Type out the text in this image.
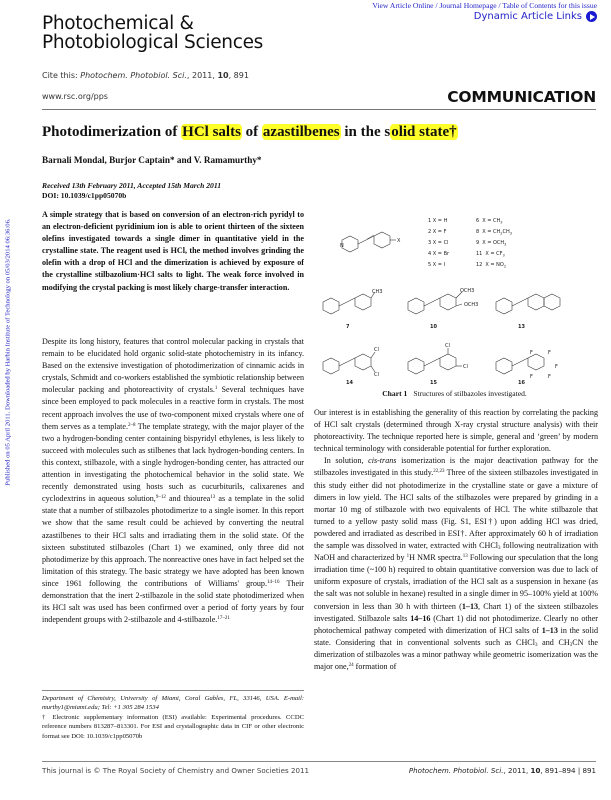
View Article Online / Journal Homepage / Table of Contents for this issue
Dynamic Article Links
Photochemical &
Photobiological Sciences
Cite this: Photochem. Photobiol. Sci., 2011, 10, 891
www.rsc.org/pps	COMMUNICATION
Published on 05 April 2011. Downloaded by Harbin Institute of Technology on 05/03/2014 06:36:06.
Photodimerization of HCl salts of azastilbenes in the solid state†
Barnali Mondal, Burjor Captain* and V. Ramamurthy*
Received 13th February 2011, Accepted 15th March 2011
DOI: 10.1039/c1pp05070b
A simple strategy that is based on conversion of an electron-rich pyridyl to an electron-deficient pyridinium ion is able to orient thirteen of the sixteen olefins investigated towards a single dimer in quantitative yield in the crystalline state. The reagent used is HCl, the method involves grinding the olefin with a drop of HCl and the dimerization is achieved by exposure of the crystalline stilbazolium·HCl salts to light. The weak force involved in modifying the crystal packing is most likely charge-transfer interaction.

Despite its long history, features that control molecular packing in crystals that remain to be elucidated hold organic solid-state photochemistry in its infancy. Based on the extensive investigation of photodimerization of cinnamic acids in crystals, Schmidt and co-workers established the symbiotic relationship between molecular packing and photoreactivity of crystals.$^1$ Several techniques have since been employed to pack molecules in a reactive form in crystals. The most recent approach involves the use of two-component mixed crystals where one of them serves as a template.$^{2-8}$ The template strategy, with the major player of the two a hydrogen-bonding center containing bispyridyl ethylenes, is less likely to succeed with molecules such as stilbenes that lack hydrogen-bonding centers. In this context, stilbazole, with a single hydrogen-bonding center, has attracted our attention in investigating the photochemical behavior in the solid state. We recently demonstrated using hosts such as cucurbiturils, calixarenes and cyclodextrins in aqueous solution,$^{9-12}$ and thiourea$^{13}$ as a template in the solid state that a number of stilbazoles photodimerize to a single isomer. In this report we show that the same result could be achieved by converting the neutral azastilbenes to their HCl salts and irradiating them in the solid state. Of the sixteen substituted stilbazoles (Chart 1) we examined, only three did not photodimerize by this approach. The nonreactive ones have in fact helped set the limitation of this strategy. The basic strategy we have adopted has been known since 1961 following the contributions of Williams' group.$^{14-16}$ Their demonstration that the inert 2-stilbazole in the solid state photodimerized when its HCl salt was used has been confirmed over a period of forty years by four independent groups with 2-stilbazole and 4-stilbazole.$^{17-21}$

Department of Chemistry, University of Miami, Coral Gables, FL, 33146, USA. E-mail: murthy1@miami.edu; Tel: +1 305 284 1534
† Electronic supplementary information (ESI) available: Experimental procedures. CCDC reference numbers 813287–813301. For ESI and crystallographic data in CIF or other electronic format see DOI: 10.1039/c1pp05070b
N
X
CH3	OCH3
OCH3
Cl
Cl
Cl
Cl
F
F
F
F
F
1 X = H
2 X = F
3 X = Cl
4 X = Br
5 X = I
6 $X = CH_3$
8 $X = CH_2CH_3$
9 $X = OCH_3$
11 $X = CF_3$
12 $X = NO_2$
7	10	13
14	15	16
Chart 1 Structures of stilbazoles investigated.

Our interest is in establishing the generality of this reaction by correlating the packing of HCl salt crystals (determined through X-ray crystal structure analysis) with their photoreactivity. The technique reported here is simple, general and ‘green’ by modern technical terminology with considerable potential for further exploration.

In solution, cis-trans isomerization is the major deactivation pathway for the stilbazoles investigated in this study.$^{22,23}$ Three of the sixteen stilbazoles investigated in this study either did not photodimerize in the crystalline state or gave a mixture of dimers in low yield. The HCl salts of the stilbazoles were prepared by grinding in a mortar 10 mg of stilbazole with two equivalents of HCl. The white stilbazole that turned to a yellow pasty solid mass (Fig. S1, ESI†) upon adding HCl was dried, powdered and irradiated as described in ESI†. After approximately 60 h of irradiation the sample was dissolved in water, extracted with CHCl$_3$ following neutralization with NaOH and characterized by $^1$H NMR spectra.$^{13}$ Following our speculation that the long irradiation time (~100 h) required to obtain quantitative conversion was due to lack of uniform exposure of crystals, irradiation of the HCl salt as a suspension in hexane (as the salt was not soluble in hexane) resulted in a single dimer in 95–100% yield at 100% conversion in less than 30 h with thirteen (1–13, Chart 1) of the sixteen stilbazoles investigated. Stilbazole salts 14–16 (Chart 1) did not photodimerize. Clearly no other photochemical pathway competed with dimerization of HCl salts of 1–13 in the solid state. Considering that in conventional solvents such as CHCl$_3$ and $CH_3CN$ the dimerization of stilbazoles was a minor pathway while geometric isomerization was the major one,$^{24}$ formation of

This journal is © The Royal Society of Chemistry and Owner Societies 2011	Photochem. Photobiol. Sci., 2011, 10, 891–894 | 891
